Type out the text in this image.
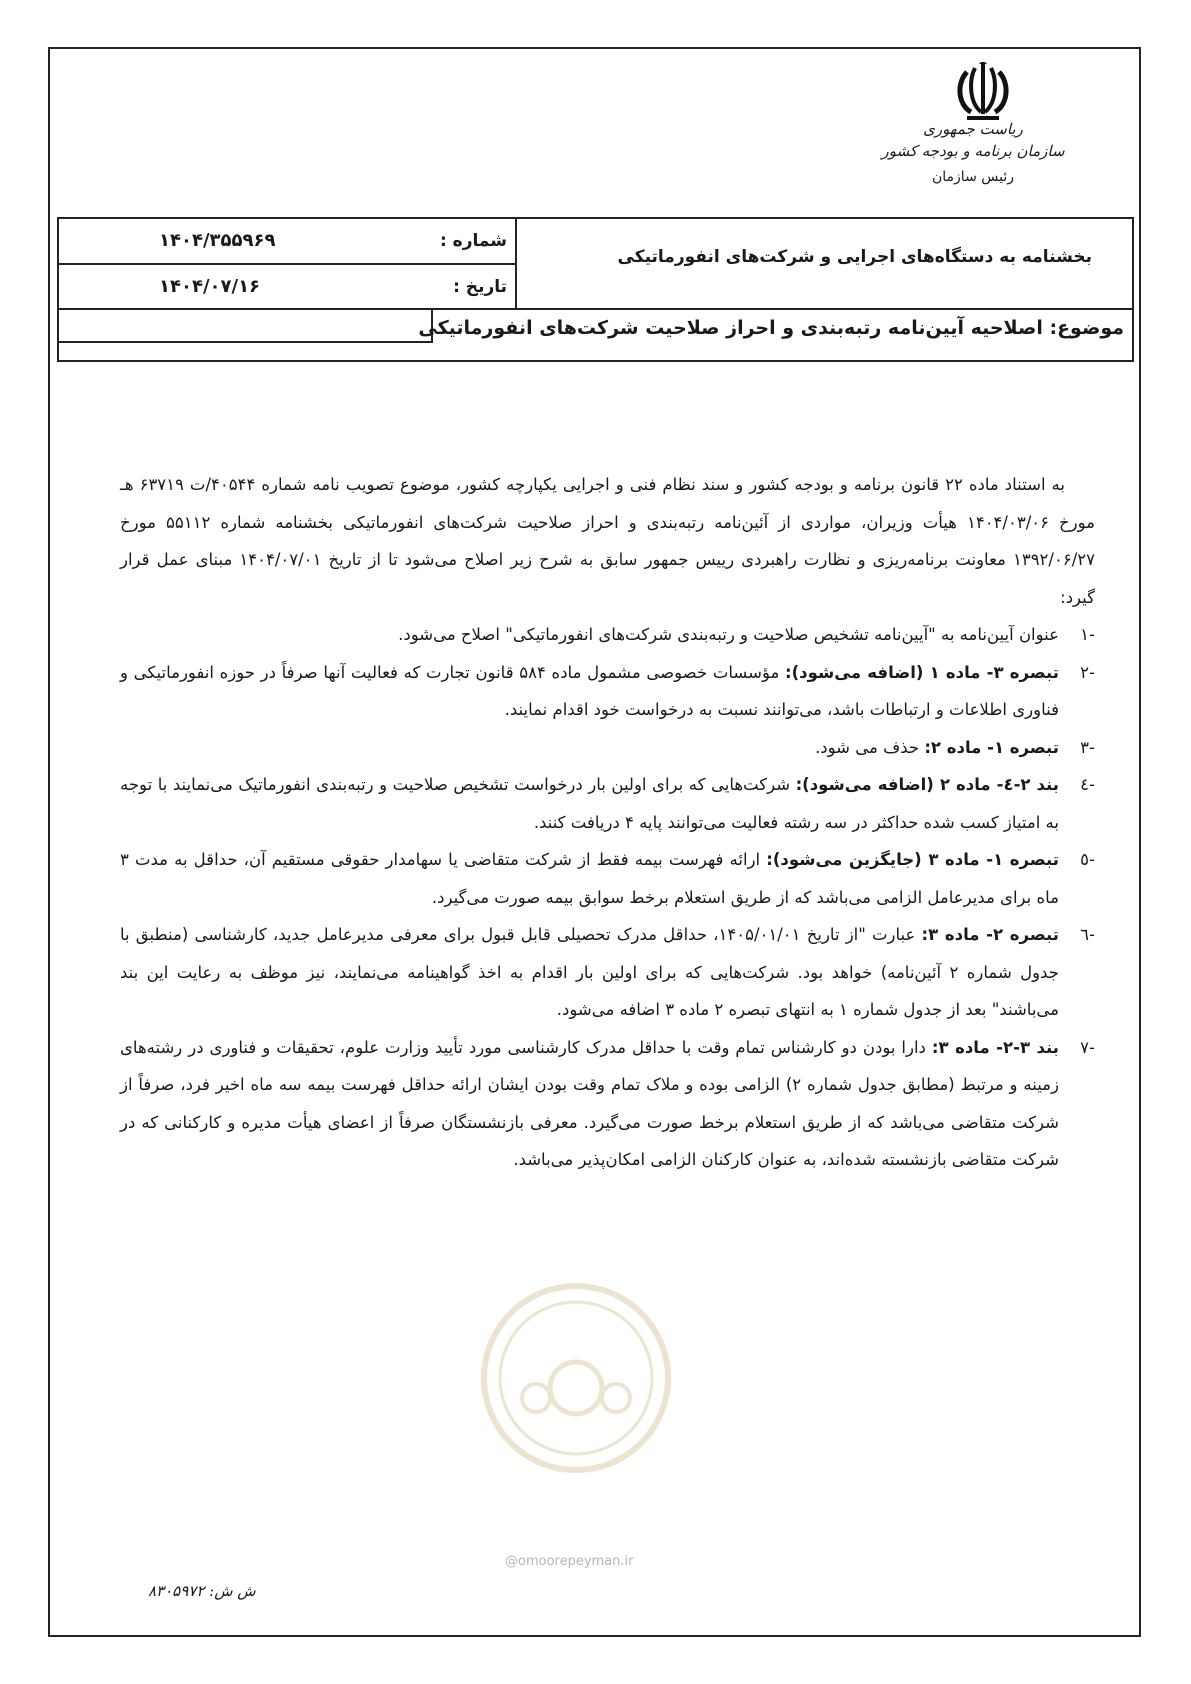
ریاست جمهوری
سازمان برنامه و بودجه کشور
رئیس سازمان
شماره :
۱۴۰۴/۳۵۵۹۶۹
تاریخ :
۱۴۰۴/۰۷/۱۶
بخشنامه به دستگاه‌های اجرایی و شرکت‌های انفورماتیکی
موضوع: اصلاحیه آیین‌نامه رتبه‌بندی و احراز صلاحیت شرکت‌های انفورماتیکی

به استناد ماده ۲۲ قانون برنامه و بودجه کشور و سند نظام فنی و اجرایی یکپارچه کشور، موضوع تصویب نامه شماره ۴۰۵۴۴/ت ۶۳۷۱۹ هـ مورخ ۱۴۰۴/۰۳/۰۶ هیأت وزیران، مواردی از آئین‌نامه رتبه‌بندی و احراز صلاحیت شرکت‌های انفورماتیکی بخشنامه شماره ۵۵۱۱۲ مورخ ۱۳۹۲/۰۶/۲۷ معاونت برنامه‌ریزی و نظارت راهبردی رییس جمهور سابق به شرح زیر اصلاح می‌شود تا از تاریخ ۱۴۰۴/۰۷/۰۱ مبنای عمل قرار گیرد:

-۱
عنوان آیین‌نامه به "آیین‌نامه تشخیص صلاحیت و رتبه‌بندی شرکت‌های انفورماتیکی" اصلاح می‌شود.
-۲
تبصره ۳- ماده ۱ (اضافه می‌شود): مؤسسات خصوصی مشمول ماده ۵۸۴ قانون تجارت که فعالیت آنها صرفاً در حوزه انفورماتیکی و فناوری اطلاعات و ارتباطات باشد، می‌توانند نسبت به درخواست خود اقدام نمایند.
-۳
تبصره ۱- ماده ۲: حذف می شود.
-٤
بند ۲-٤- ماده ۲ (اضافه می‌شود): شرکت‌هایی که برای اولین بار درخواست تشخیص صلاحیت و رتبه‌بندی انفورماتیک می‌نمایند با توجه به امتیاز کسب شده حداکثر در سه رشته فعالیت می‌توانند پایه ۴ دریافت کنند.
-٥
تبصره ۱- ماده ۳ (جایگزین می‌شود): ارائه فهرست بیمه فقط از شرکت متقاضی یا سهامدار حقوقی مستقیم آن، حداقل به مدت ۳ ماه برای مدیرعامل الزامی می‌باشد که از طریق استعلام برخط سوابق بیمه صورت می‌گیرد.
-٦
تبصره ۲- ماده ۳: عبارت "از تاریخ ۱۴۰۵/۰۱/۰۱، حداقل مدرک تحصیلی قابل قبول برای معرفی مدیرعامل جدید، کارشناسی (منطبق با جدول شماره ۲ آئین‌نامه) خواهد بود. شرکت‌هایی که برای اولین بار اقدام به اخذ گواهینامه می‌نمایند، نیز موظف به رعایت این بند می‌باشند" بعد از جدول شماره ۱ به انتهای تبصره ۲ ماده ۳ اضافه می‌شود.
-۷
بند ۳-۲- ماده ۳: دارا بودن دو کارشناس تمام وقت با حداقل مدرک کارشناسی مورد تأیید وزارت علوم، تحقیقات و فناوری در رشته‌های زمینه و مرتبط (مطابق جدول شماره ۲) الزامی بوده و ملاک تمام وقت بودن ایشان ارائه حداقل فهرست بیمه سه ماه اخیر فرد، صرفاً از شرکت متقاضی می‌باشد که از طریق استعلام برخط صورت می‌گیرد. معرفی بازنشستگان صرفاً از اعضای هیأت مدیره و کارکنانی که در شرکت متقاضی بازنشسته شده‌اند، به عنوان کارکنان الزامی امکان‌پذیر می‌باشد.
@omoorepeyman.ir
ش ش: ۸۳۰۵۹۷۲
